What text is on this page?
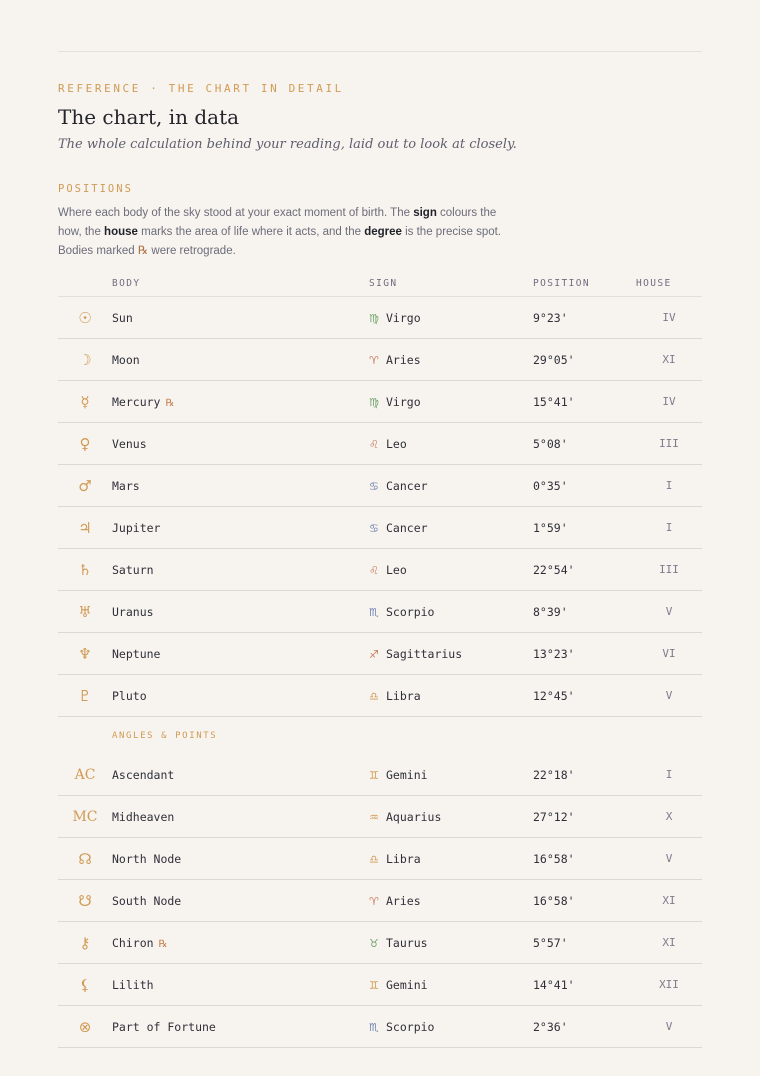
REFERENCE · THE CHART IN DETAIL
The chart, in data

The whole calculation behind your reading, laid out to look at closely.

POSITIONS

Where each body of the sky stood at your exact moment of birth. The sign colours the how, the house marks the area of life where it acts, and the degree is the precise spot. Bodies marked ℞ were retrograde.

	BODY	SIGN	POSITION	HOUSE
☉	Sun	♍ Virgo	9°23'	IV
☽	Moon	♈ Aries	29°05'	XI
☿	Mercury ℞	♍ Virgo	15°41'	IV
♀	Venus	♌ Leo	5°08'	III
♂	Mars	♋ Cancer	0°35'	I
♃	Jupiter	♋ Cancer	1°59'	I
♄	Saturn	♌ Leo	22°54'	III
♅	Uranus	♏ Scorpio	8°39'	V
♆	Neptune	♐ Sagittarius	13°23'	VI
♇	Pluto	♎ Libra	12°45'	V
	ANGLES & POINTS			
AC	Ascendant	♊ Gemini	22°18'	I
MC	Midheaven	♒ Aquarius	27°12'	X
☊	North Node	♎ Libra	16°58'	V
☋	South Node	♈ Aries	16°58'	XI
⚷	Chiron ℞	♉ Taurus	5°57'	XI
⚸	Lilith	♊ Gemini	14°41'	XII
⊗	Part of Fortune	♏ Scorpio	2°36'	V
